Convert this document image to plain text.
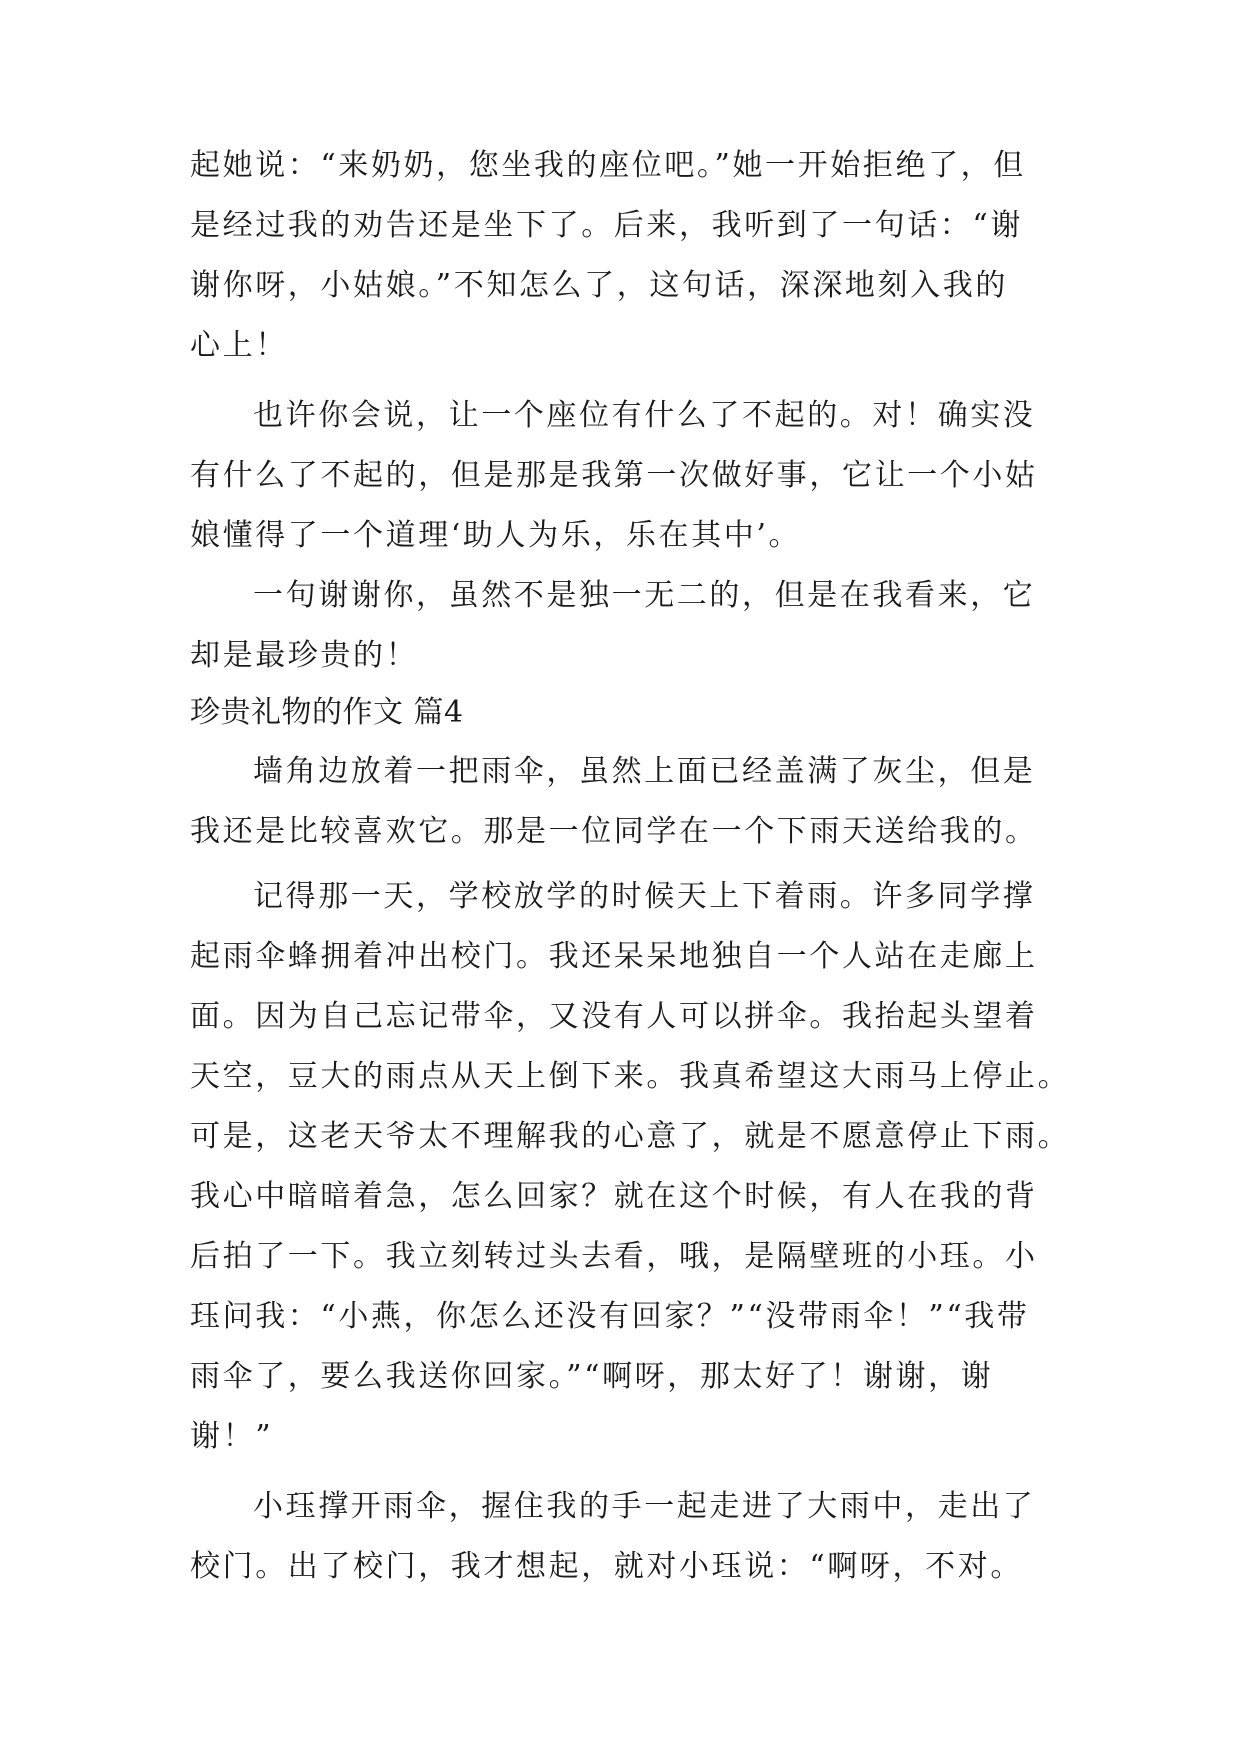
起她说：“来奶奶，您坐我的座位吧。”她一开始拒绝了，但
是经过我的劝告还是坐下了。后来，我听到了一句话：“谢
谢你呀，小姑娘。”不知怎么了，这句话，深深地刻入我的
心上！
也许你会说，让一个座位有什么了不起的。对！确实没
有什么了不起的，但是那是我第一次做好事，它让一个小姑
娘懂得了一个道理‘助人为乐，乐在其中’。
一句谢谢你，虽然不是独一无二的，但是在我看来，它
却是最珍贵的！
珍贵礼物的作文 篇4
墙角边放着一把雨伞，虽然上面已经盖满了灰尘，但是
我还是比较喜欢它。那是一位同学在一个下雨天送给我的。
记得那一天，学校放学的时候天上下着雨。许多同学撑
起雨伞蜂拥着冲出校门。我还呆呆地独自一个人站在走廊上
面。因为自己忘记带伞，又没有人可以拼伞。我抬起头望着
天空，豆大的雨点从天上倒下来。我真希望这大雨马上停止。
可是，这老天爷太不理解我的心意了，就是不愿意停止下雨。
我心中暗暗着急，怎么回家？就在这个时候，有人在我的背
后拍了一下。我立刻转过头去看，哦，是隔壁班的小珏。小
珏问我：“小燕，你怎么还没有回家？”“没带雨伞！”“我带
雨伞了，要么我送你回家。”“啊呀，那太好了！谢谢，谢
谢！”
小珏撑开雨伞，握住我的手一起走进了大雨中，走出了
校门。出了校门，我才想起，就对小珏说：“啊呀，不对。
